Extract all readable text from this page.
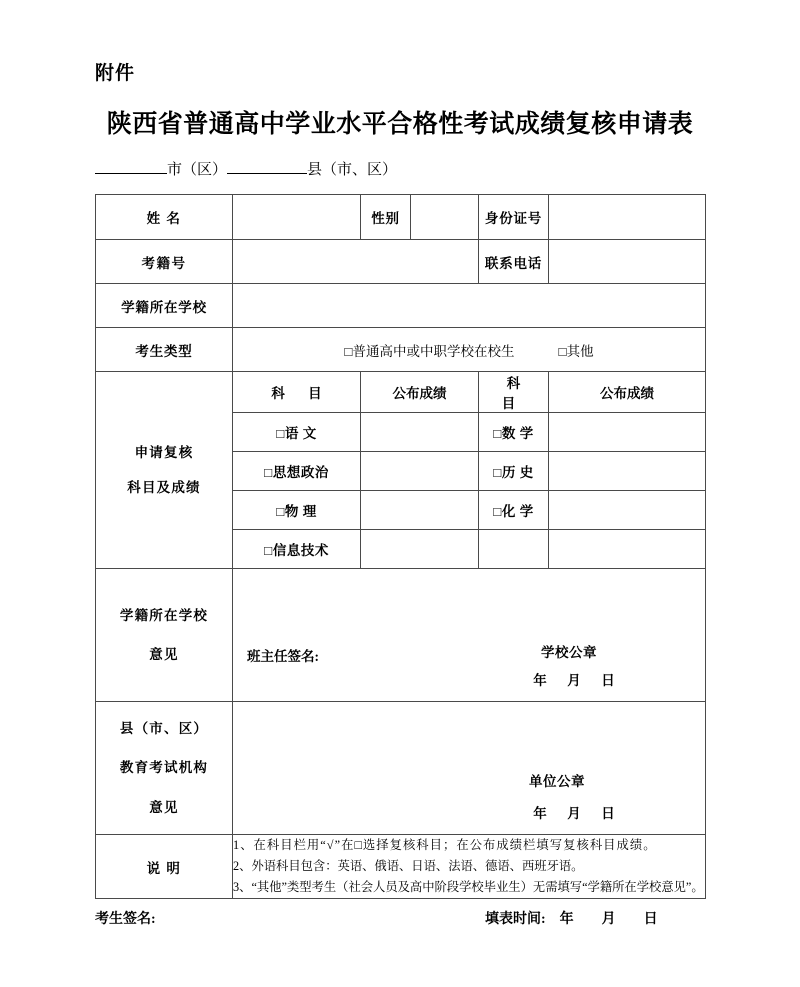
附件
陕西省普通高中学业水平合格性考试成绩复核申请表
市（区）	县（市、区）
姓 名		性别		身份证号	
考籍号				联系电话	
学籍所在学校					
考生类型	□普通高中或中职学校在校生 □其他				

申请复核
科目及成绩	科 目	公布成绩		科 目	公布成绩
	□语 文			□数 学	
	□思想政治			□历 史	
	□物 理			□化 学	
	□信息技术				

学籍所在学校
意见	班主任签名:	学校公章
年 月 日

县（市、区）
教育考试机构
意见

单位公章
年 月 日

说 明	1、在科目栏用“√”在□选择复核科目；在公布成绩栏填写复核科目成绩。
2、外语科目包含：英语、俄语、日语、法语、德语、西班牙语。
3、“其他”类型考生（社会人员及高中阶段学校毕业生）无需填写“学籍所在学校意见”。				
考生签名:	填表时间: 年 月 日
